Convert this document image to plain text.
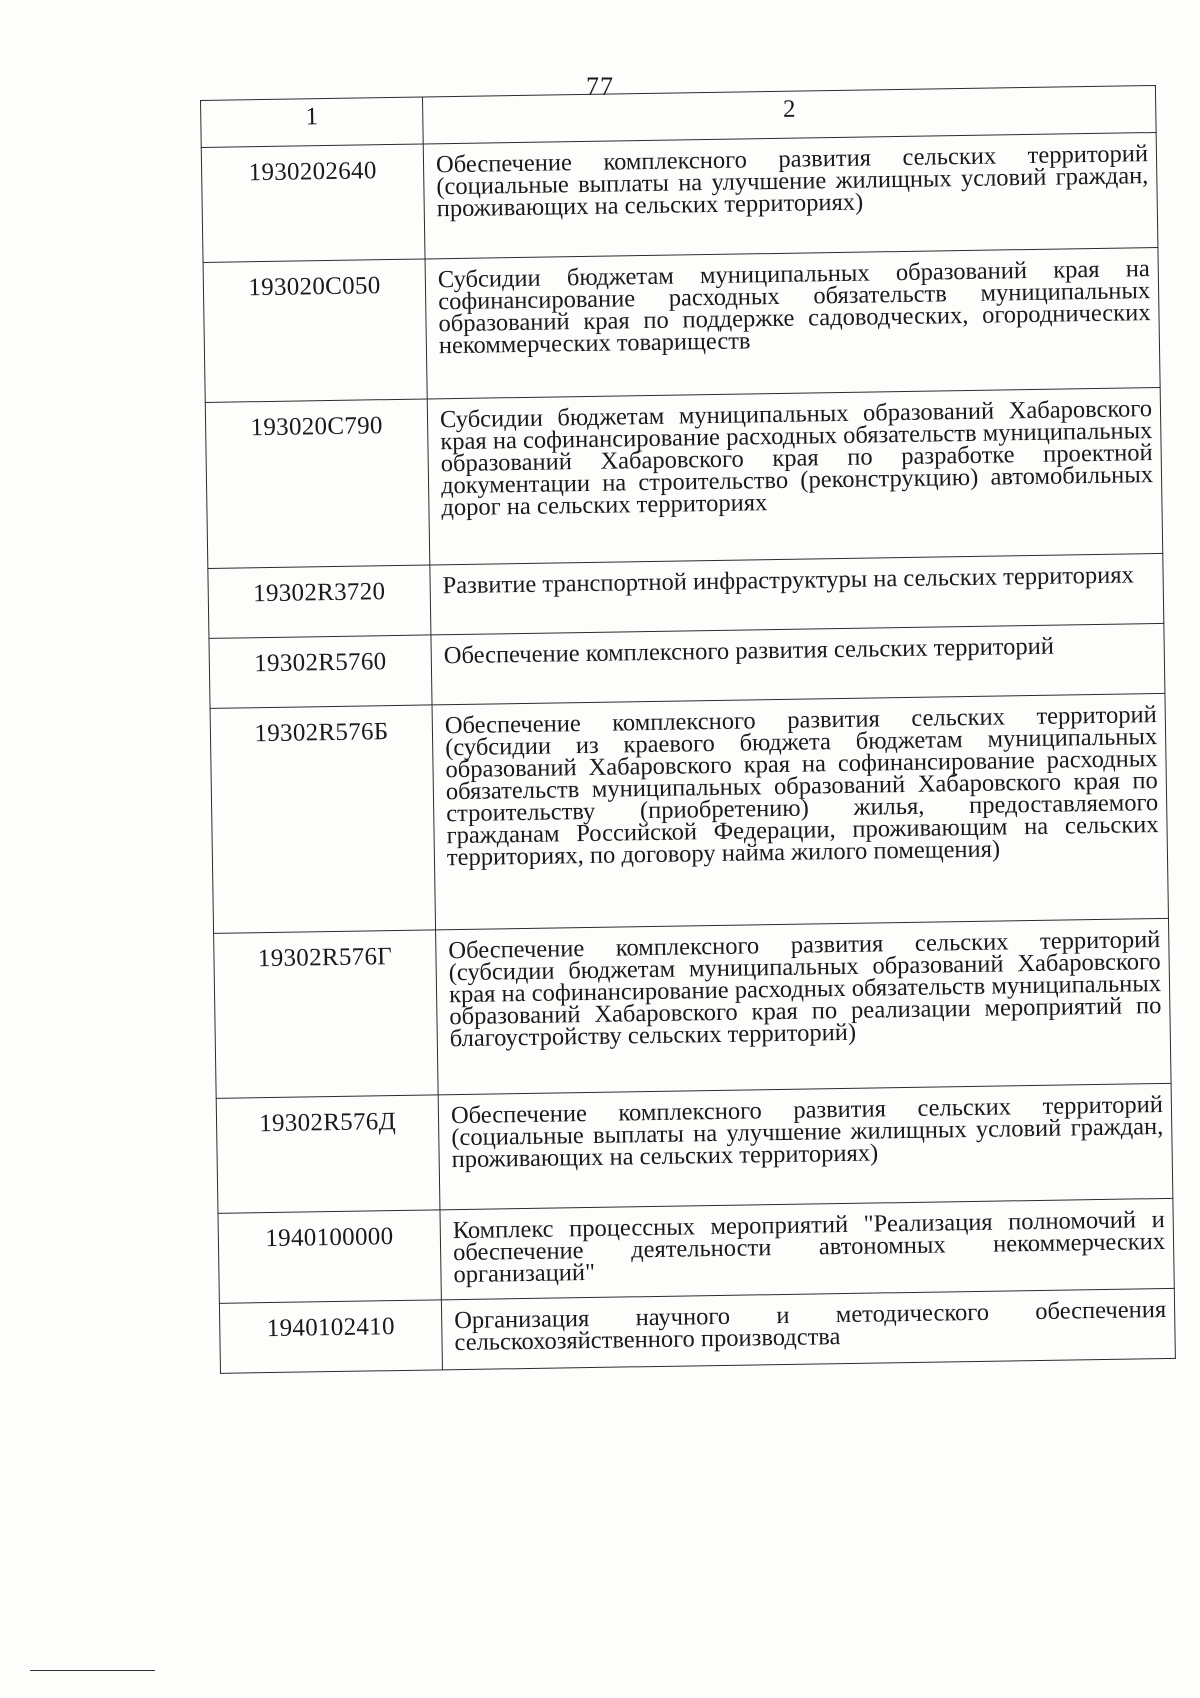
77
1	2
1930202640	Обеспечение комплексного развития сельских территорий (социальные выплаты на улучшение жилищных условий граждан, проживающих на сельских территориях)
193020С050	Субсидии бюджетам муниципальных образований края на софинансирование расходных обязательств муниципальных образований края по поддержке садоводческих, огороднических некоммерческих товариществ
193020С790	Субсидии бюджетам муниципальных образований Хабаровского края на софинансирование расходных обязательств муниципальных образований Хабаровского края по разработке проектной документации на строительство (реконструкцию) автомобильных дорог на сельских территориях
19302R3720	Развитие транспортной инфраструктуры на сельских территориях
19302R5760	Обеспечение комплексного развития сельских территорий
19302R576Б	Обеспечение комплексного развития сельских территорий (субсидии из краевого бюджета бюджетам муниципальных образований Хабаровского края на софинансирование расходных обязательств муниципальных образований Хабаровского края по строительству (приобретению) жилья, предоставляемого гражданам Российской Федерации, проживающим на сельских территориях, по договору найма жилого помещения)
19302R576Г	Обеспечение комплексного развития сельских территорий (субсидии бюджетам муниципальных образований Хабаровского края на софинансирование расходных обязательств муниципальных образований Хабаровского края по реализации мероприятий по благоустройству сельских территорий)
19302R576Д	Обеспечение комплексного развития сельских территорий (социальные выплаты на улучшение жилищных условий граждан, проживающих на сельских территориях)
1940100000	Комплекс процессных мероприятий "Реализация полномочий и обеспечение деятельности автономных некоммерческих организаций"
1940102410	Организация научного и методического обеспечения сельскохозяйственного производства
